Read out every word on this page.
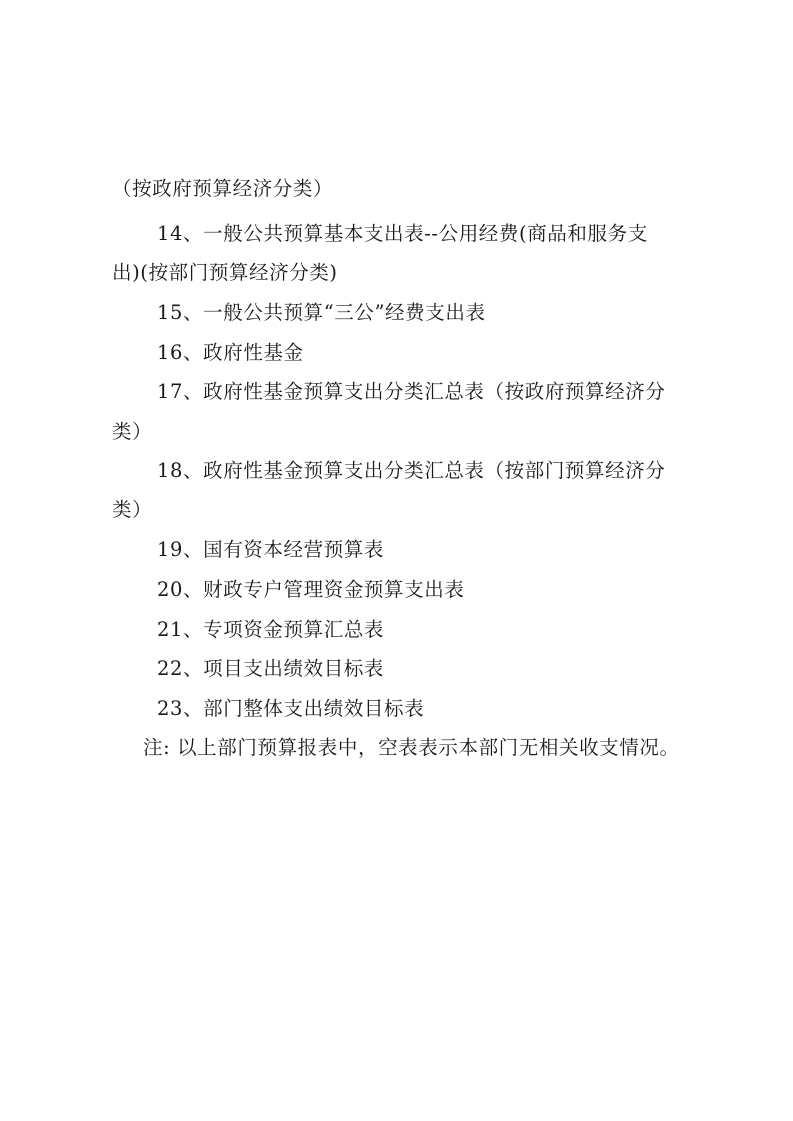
（按政府预算经济分类）

14、一般公共预算基本支出表--公用经费(商品和服务支

出)(按部门预算经济分类)

15、一般公共预算“三公”经费支出表

16、政府性基金

17、政府性基金预算支出分类汇总表（按政府预算经济分

类）

18、政府性基金预算支出分类汇总表（按部门预算经济分

类）

19、国有资本经营预算表

20、财政专户管理资金预算支出表

21、专项资金预算汇总表

22、项目支出绩效目标表

23、部门整体支出绩效目标表

注: 以上部门预算报表中，空表表示本部门无相关收支情况。
